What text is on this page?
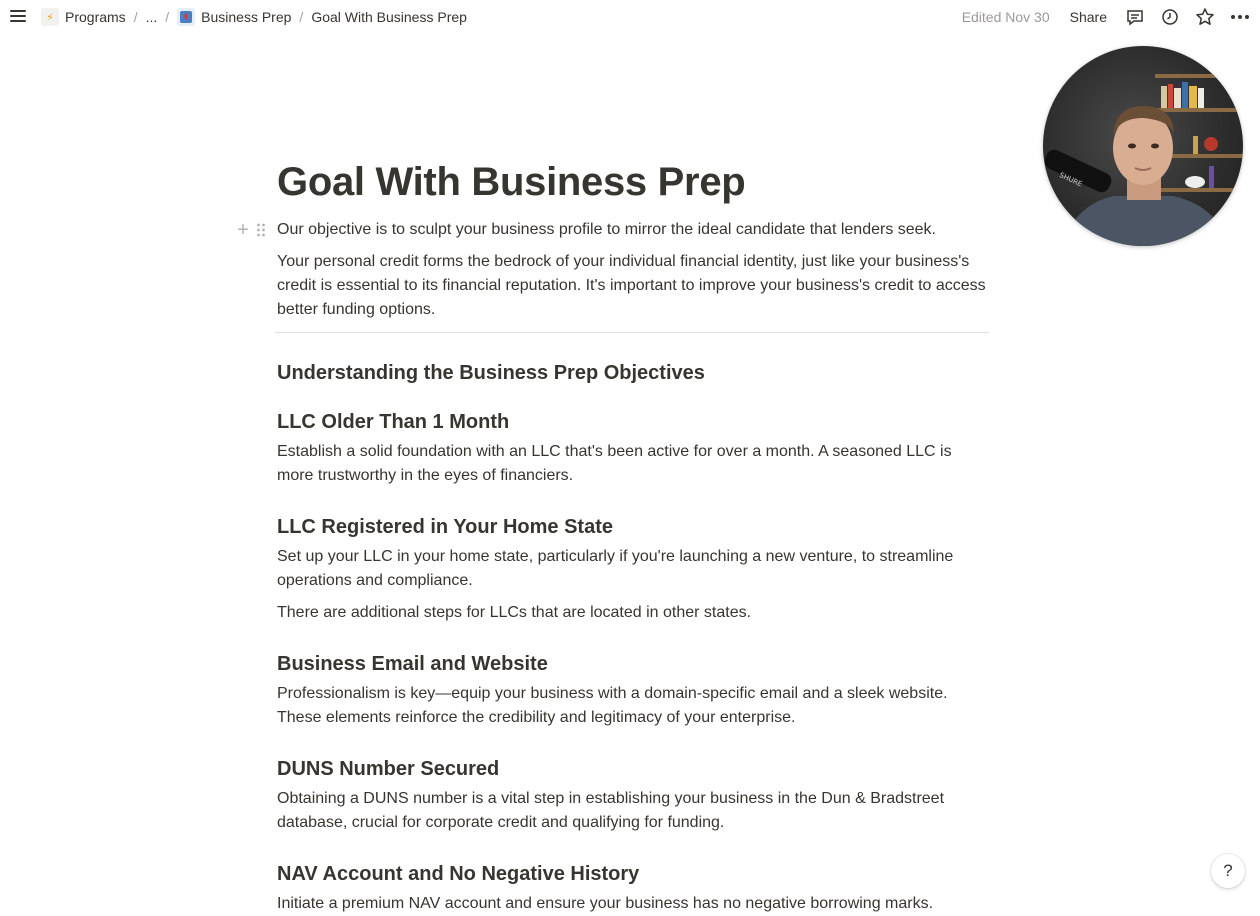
⚡ Programs / ... / Business Prep / Goal With Business Prep	Edited Nov 30 Share
SHURE
Goal With Business Prep
+ Our objective is to sculpt your business profile to mirror the ideal candidate that lenders seek.

Your personal credit forms the bedrock of your individual financial identity, just like your business's credit is essential to its financial reputation. It's important to improve your business's credit to access better funding options.

Understanding the Business Prep Objectives
LLC Older Than 1 Month

Establish a solid foundation with an LLC that's been active for over a month. A seasoned LLC is more trustworthy in the eyes of financiers.

LLC Registered in Your Home State

Set up your LLC in your home state, particularly if you're launching a new venture, to streamline operations and compliance.

There are additional steps for LLCs that are located in other states.

Business Email and Website

Professionalism is key—equip your business with a domain-specific email and a sleek website. These elements reinforce the credibility and legitimacy of your enterprise.

DUNS Number Secured

Obtaining a DUNS number is a vital step in establishing your business in the Dun & Bradstreet database, crucial for corporate credit and qualifying for funding.

NAV Account and No Negative History

Initiate a premium NAV account and ensure your business has no negative borrowing marks.

?
